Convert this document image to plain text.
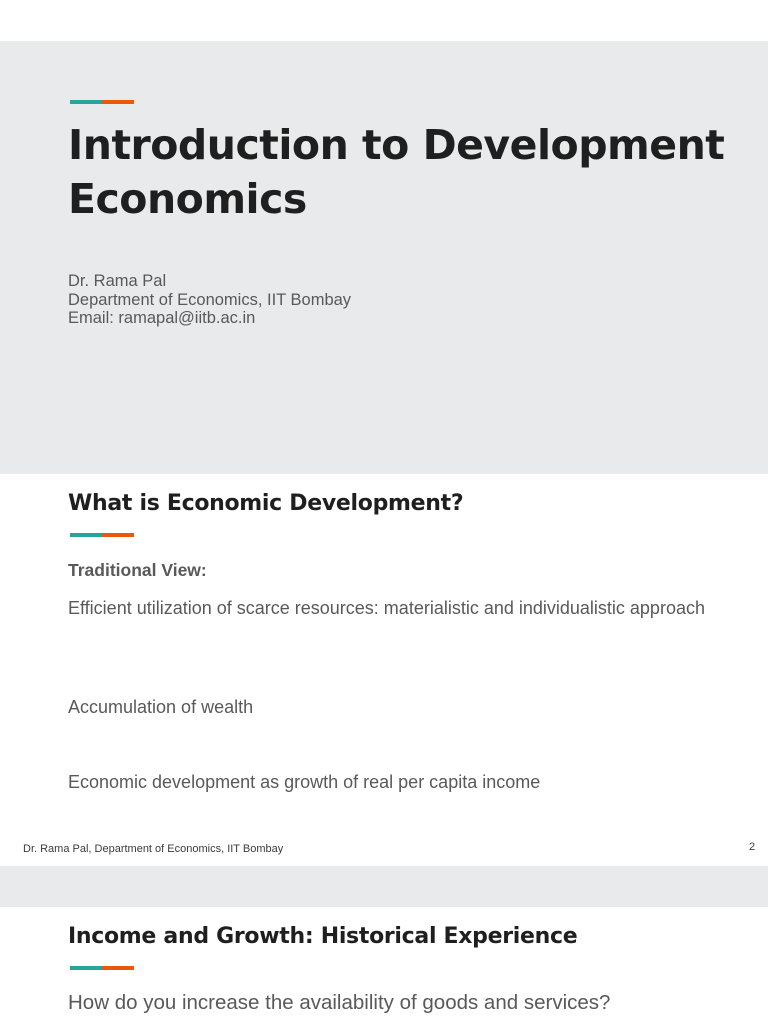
Introduction to Development
Economics
Dr. Rama Pal
Department of Economics, IIT Bombay
Email: ramapal@iitb.ac.in
What is Economic Development?
Traditional View:
Efficient utilization of scarce resources: materialistic and individualistic approach
Accumulation of wealth
Economic development as growth of real per capita income
Dr. Rama Pal, Department of Economics, IIT Bombay	2
Income and Growth: Historical Experience
How do you increase the availability of goods and services?
